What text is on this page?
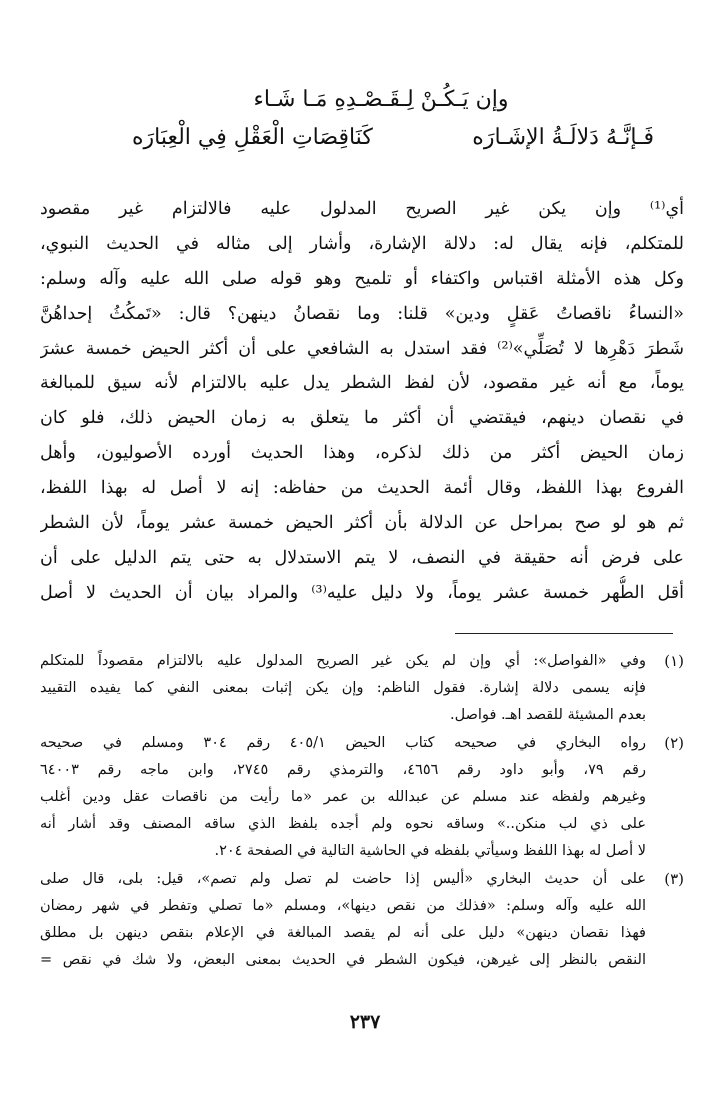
وإن يَـكُـنْ لِـقَـصْـدِهِ مَـا شَـاء
فَـإنَّـهُ دَلالَـةُ الإشَـارَه
كَنَاقِصَاتِ الْعَقْلِ فِي الْعِبَارَه
أي⁽¹⁾ وإن يكن غير الصريح المدلول عليه فالالتزام غير مقصود
للمتكلم، فإنه يقال له: دلالة الإشارة، وأشار إلى مثاله في الحديث النبوي،
وكل هذه الأمثلة اقتباس واكتفاء أو تلميح وهو قوله صلى الله عليه وآله وسلم:
«النساءُ ناقصاتُ عَقلٍ ودين» قلنا: وما نقصانُ دينهن؟ قال: «تَمكُثُ إحداهُنَّ
شَطرَ دَهْرِها لا تُصَلِّي»⁽²⁾ فقد استدل به الشافعي على أن أكثر الحيض خمسة عشرَ
يوماً، مع أنه غير مقصود، لأن لفظ الشطر يدل عليه بالالتزام لأنه سيق للمبالغة
في نقصان دينهم، فيقتضي أن أكثر ما يتعلق به زمان الحيض ذلك، فلو كان
زمان الحيض أكثر من ذلك لذكره، وهذا الحديث أورده الأصوليون، وأهل
الفروع بهذا اللفظ، وقال أئمة الحديث من حفاظه: إنه لا أصل له بهذا اللفظ،
ثم هو لو صح بمراحل عن الدلالة بأن أكثر الحيض خمسة عشر يوماً، لأن الشطر
على فرض أنه حقيقة في النصف، لا يتم الاستدلال به حتى يتم الدليل على أن
أقل الطُّهر خمسة عشر يوماً، ولا دليل عليه⁽³⁾ والمراد بيان أن الحديث لا أصل
(١)
وفي «الفواصل»: أي وإن لم يكن غير الصريح المدلول عليه بالالتزام مقصوداً للمتكلم
فإنه يسمى دلالة إشارة. فقول الناظم: وإن يكن إثبات بمعنى النفي كما يفيده التقييد
بعدم المشيئة للقصد اهـ. فواصل.
(٢)
رواه البخاري في صحيحه كتاب الحيض ٤٠٥/١ رقم ٣٠٤ ومسلم في صحيحه
رقم ٧٩، وأبو داود رقم ٤٦٥٦، والترمذي رقم ٢٧٤٥، وابن ماجه رقم ٦٤٠٠٣
وغيرهم ولفظه عند مسلم عن عبدالله بن عمر «ما رأيت من ناقصات عقل ودين أغلب
على ذي لب منكن..» وساقه نحوه ولم أجده بلفظ الذي ساقه المصنف وقد أشار أنه
لا أصل له بهذا اللفظ وسيأتي بلفظه في الحاشية التالية في الصفحة ٢٠٤.
(٣)
على أن حديث البخاري «أليس إذا حاضت لم تصل ولم تصم»، قيل: بلى، قال صلى
الله عليه وآله وسلم: «فذلك من نقص دينها»، ومسلم «ما تصلي وتفطر في شهر رمضان
فهذا نقصان دينهن» دليل على أنه لم يقصد المبالغة في الإعلام بنقص دينهن بل مطلق
النقص بالنظر إلى غيرهن، فيكون الشطر في الحديث بمعنى البعض، ولا شك في نقص =
٢٣٧
